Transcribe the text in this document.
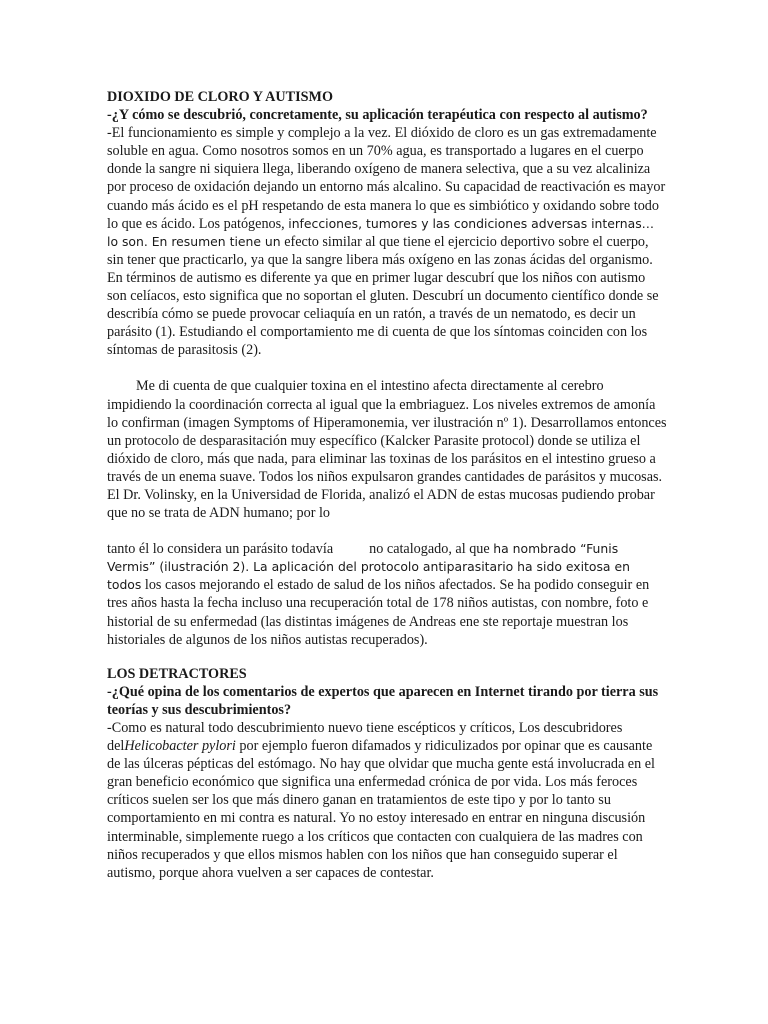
DIOXIDO DE CLORO Y AUTISMO

-¿Y cómo se descubrió, concretamente, su aplicación terapéutica con respecto al autismo?

-El funcionamiento es simple y complejo a la vez. El dióxido de cloro es un gas extremadamente soluble en agua. Como nosotros somos en un 70% agua, es transportado a lugares en el cuerpo donde la sangre ni siquiera llega, liberando oxígeno de manera selectiva, que a su vez alcaliniza por proceso de oxidación dejando un entorno más alcalino. Su capacidad de reactivación es mayor cuando más ácido es el pH respetando de esta manera lo que es simbiótico y oxidando sobre todo lo que es ácido. Los patógenos, infecciones, tumores y las condiciones adversas internas… lo son. En resumen tiene un efecto similar al que tiene el ejercicio deportivo sobre el cuerpo, sin tener que practicarlo, ya que la sangre libera más oxígeno en las zonas ácidas del organismo. En términos de autismo es diferente ya que en primer lugar descubrí que los niños con autismo son celíacos, esto significa que no soportan el gluten. Descubrí un documento científico donde se describía cómo se puede provocar celiaquía en un ratón, a través de un nematodo, es decir un parásito (1). Estudiando el comportamiento me di cuenta de que los síntomas coinciden con los síntomas de parasitosis (2).

Me di cuenta de que cualquier toxina en el intestino afecta directamente al cerebro impidiendo la coordinación correcta al igual que la embriaguez. Los niveles extremos de amonía lo confirman (imagen Symptoms of Hiperamonemia, ver ilustración nº 1). Desarrollamos entonces un protocolo de desparasitación muy específico (Kalcker Parasite protocol) donde se utiliza el dióxido de cloro, más que nada, para eliminar las toxinas de los parásitos en el intestino grueso a través de un enema suave. Todos los niños expulsaron grandes cantidades de parásitos y mucosas. El Dr. Volinsky, en la Universidad de Florida, analizó el ADN de estas mucosas pudiendo probar que no se trata de ADN humano; por lo

tanto él lo considera un parásito todavía	no catalogado, al que ha nombrado “Funis Vermis” (ilustración 2). La aplicación del protocolo antiparasitario ha sido exitosa en todos los casos mejorando el estado de salud de los niños afectados. Se ha podido conseguir en tres años hasta la fecha incluso una recuperación total de 178 niños autistas, con nombre, foto e historial de su enfermedad (las distintas imágenes de Andreas ene ste reportaje muestran los historiales de algunos de los niños autistas recuperados).

LOS DETRACTORES

-¿Qué opina de los comentarios de expertos que aparecen en Internet tirando por tierra sus teorías y sus descubrimientos?

-Como es natural todo descubrimiento nuevo tiene escépticos y críticos, Los descubridores delHelicobacter pylori por ejemplo fueron difamados y ridiculizados por opinar que es causante de las úlceras pépticas del estómago. No hay que olvidar que mucha gente está involucrada en el gran beneficio económico que significa una enfermedad crónica de por vida. Los más feroces críticos suelen ser los que más dinero ganan en tratamientos de este tipo y por lo tanto su comportamiento en mi contra es natural. Yo no estoy interesado en entrar en ninguna discusión interminable, simplemente ruego a los críticos que contacten con cualquiera de las madres con niños recuperados y que ellos mismos hablen con los niños que han conseguido superar el autismo, porque ahora vuelven a ser capaces de contestar.
